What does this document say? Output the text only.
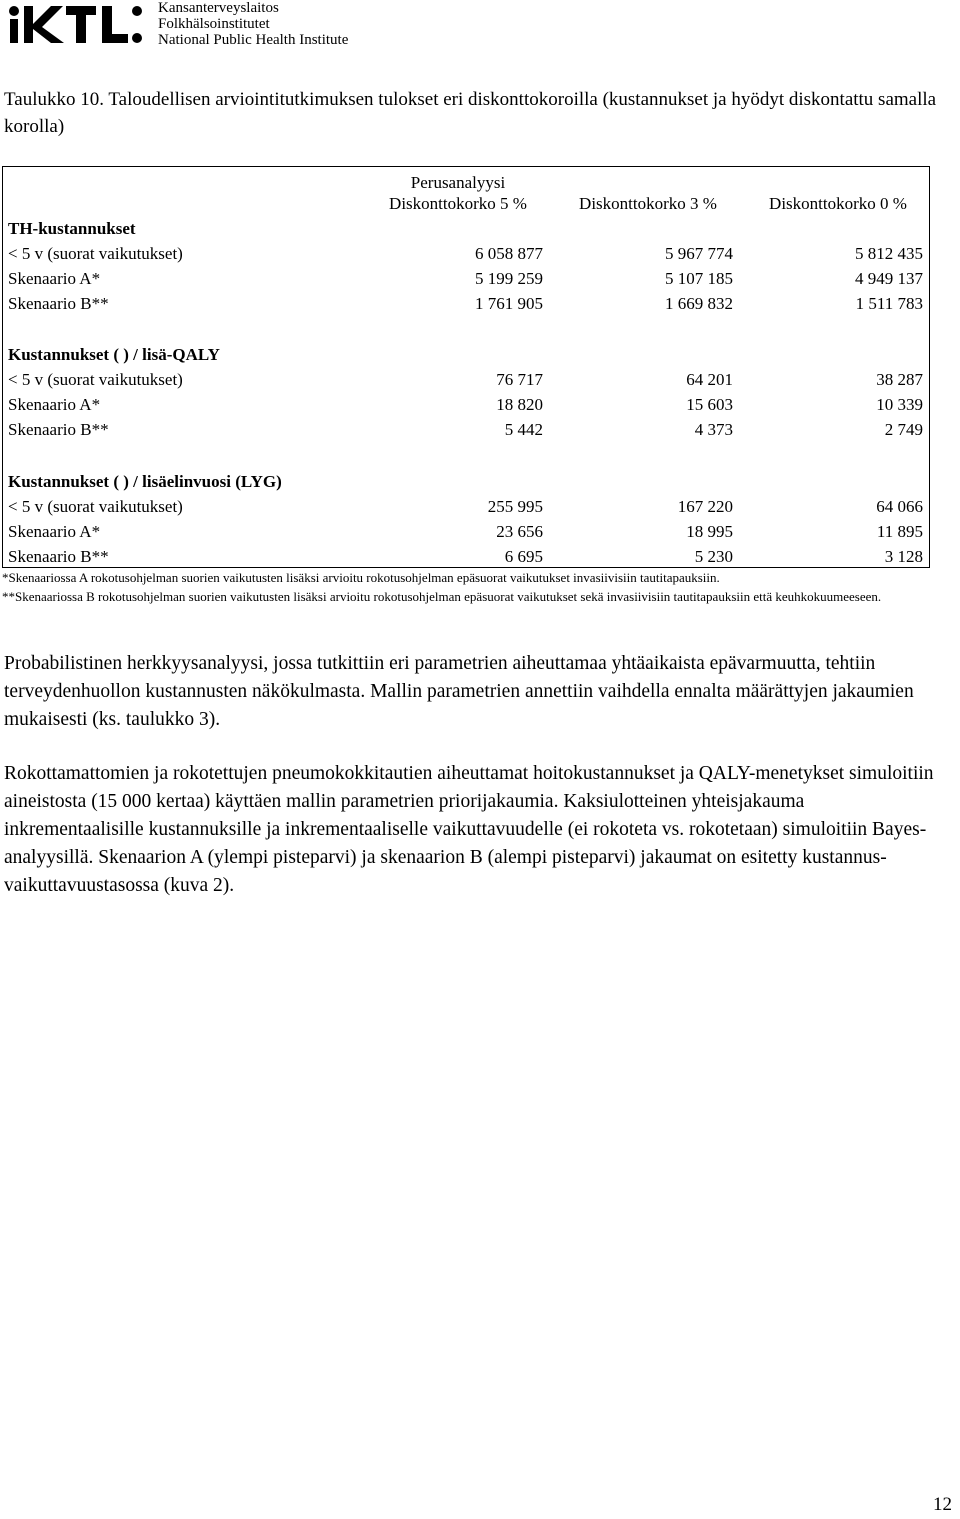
Kansanterveyslaitos
Folkhälsoinstitutet
National Public Health Institute
Taulukko 10. Taloudellisen arviointitutkimuksen tulokset eri diskonttokoroilla (kustannukset ja hyödyt diskontattu samalla korolla)
Perusanalyysi
Diskonttokorko 5 %	Diskonttokorko 3 %	Diskonttokorko 0 %
TH-kustannukset
< 5 v (suorat vaikutukset)	6 058 877	5 967 774	5 812 435
Skenaario A*	5 199 259	5 107 185	4 949 137
Skenaario B**	1 761 905	1 669 832	1 511 783
Kustannukset ( ) / lisä-QALY
< 5 v (suorat vaikutukset)	76 717	64 201	38 287
Skenaario A*	18 820	15 603	10 339
Skenaario B**	5 442	4 373	2 749
Kustannukset ( ) / lisäelinvuosi (LYG)
< 5 v (suorat vaikutukset)	255 995	167 220	64 066
Skenaario A*	23 656	18 995	11 895
Skenaario B**	6 695	5 230	3 128
*Skenaariossa A rokotusohjelman suorien vaikutusten lisäksi arvioitu rokotusohjelman epäsuorat vaikutukset invasiivisiin tautitapauksiin.
**Skenaariossa B rokotusohjelman suorien vaikutusten lisäksi arvioitu rokotusohjelman epäsuorat vaikutukset sekä invasiivisiin tautitapauksiin että keuhkokuumeeseen.
Probabilistinen herkkyysanalyysi, jossa tutkittiin eri parametrien aiheuttamaa yhtäaikaista epävarmuutta, tehtiin terveydenhuollon kustannusten näkökulmasta. Mallin parametrien annettiin vaihdella ennalta määrättyjen jakaumien mukaisesti (ks. taulukko 3).
Rokottamattomien ja rokotettujen pneumokokkitautien aiheuttamat hoitokustannukset ja QALY-menetykset simuloitiin aineistosta (15 000 kertaa) käyttäen mallin parametrien priorijakaumia. Kaksiulotteinen yhteisjakauma inkrementaalisille kustannuksille ja inkrementaaliselle vaikuttavuudelle (ei rokoteta vs. rokotetaan) simuloitiin Bayes-analyysillä. Skenaarion A (ylempi pisteparvi) ja skenaarion B (alempi pisteparvi) jakaumat on esitetty kustannus-vaikuttavuustasossa (kuva 2).
12
